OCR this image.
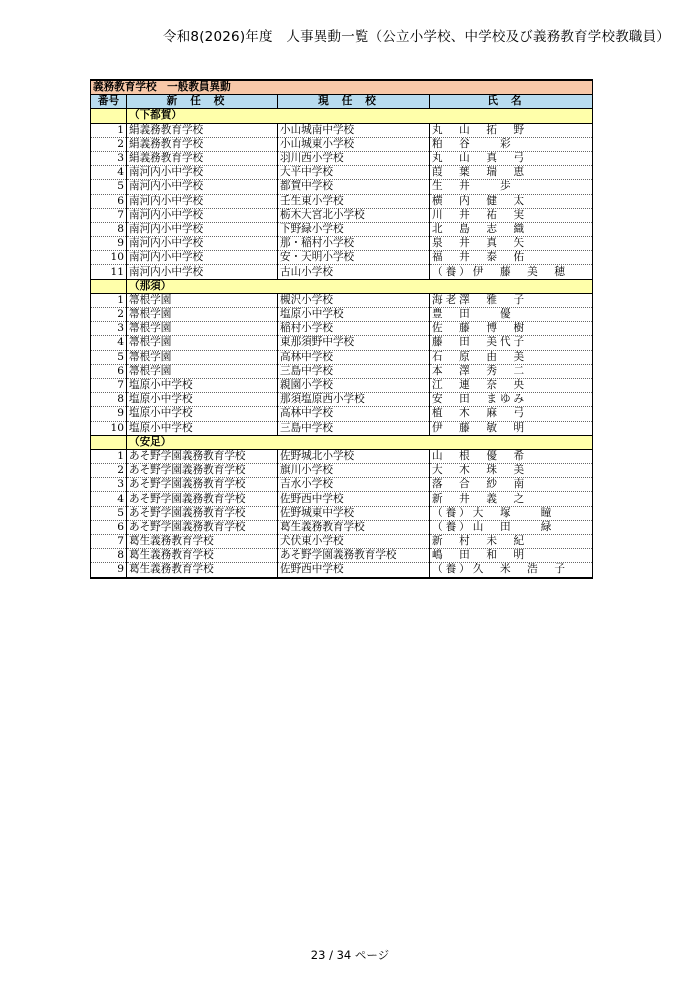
令和8(2026)年度　人事異動一覧（公立小学校、中学校及び義務教育学校教職員）
義務教育学校　一般教員異動			
番号	新任校	現任校	氏名
	（下都賀）		
1	絹義務教育学校	小山城南中学校	丸　山　拓　野
2	絹義務教育学校	小山城東小学校	粕　谷　　彩
3	絹義務教育学校	羽川西小学校	丸　山　真　弓
4	南河内小中学校	大平中学校	葭　葉　瑞　恵
5	南河内小中学校	都賀中学校	生　井　　歩
6	南河内小中学校	壬生東小学校	横　内　健　太
7	南河内小中学校	栃木大宮北小学校	川　井　祐　実
8	南河内小中学校	下野緑小学校	北　島　志　織
9	南河内小中学校	那・稲村小学校	泉　井　真　矢
10	南河内小中学校	安・天明小学校	福　井　泰　佑
11	南河内小中学校	古山小学校	（養）伊　藤　美　穂
	（那須）		
1	箒根学園	槻沢小学校	海老澤　雅　子
2	箒根学園	塩原小中学校	豊　田　　優
3	箒根学園	稲村小学校	佐　藤　博　樹
4	箒根学園	東那須野中学校	藤　田　美代子
5	箒根学園	高林中学校	石　原　由　美
6	箒根学園	三島中学校	本　澤　秀　二
7	塩原小中学校	親園小学校	江　連　奈　央
8	塩原小中学校	那須塩原西小学校	安　田　まゆみ
9	塩原小中学校	高林中学校	植　木　麻　弓
10	塩原小中学校	三島中学校	伊　藤　敏　明
	（安足）		
1	あそ野学園義務教育学校	佐野城北小学校	山　根　優　希
2	あそ野学園義務教育学校	旗川小学校	大　木　珠　美
3	あそ野学園義務教育学校	吉水小学校	落　合　紗　南
4	あそ野学園義務教育学校	佐野西中学校	新　井　義　之
5	あそ野学園義務教育学校	佐野城東中学校	（養）大　塚　　瞳
6	あそ野学園義務教育学校	葛生義務教育学校	（養）山　田　　緑
7	葛生義務教育学校	犬伏東小学校	新　村　未　紀
8	葛生義務教育学校	あそ野学園義務教育学校	嶋　田　和　明
9	葛生義務教育学校	佐野西中学校	（養）久　米　浩　子
23 / 34 ページ
